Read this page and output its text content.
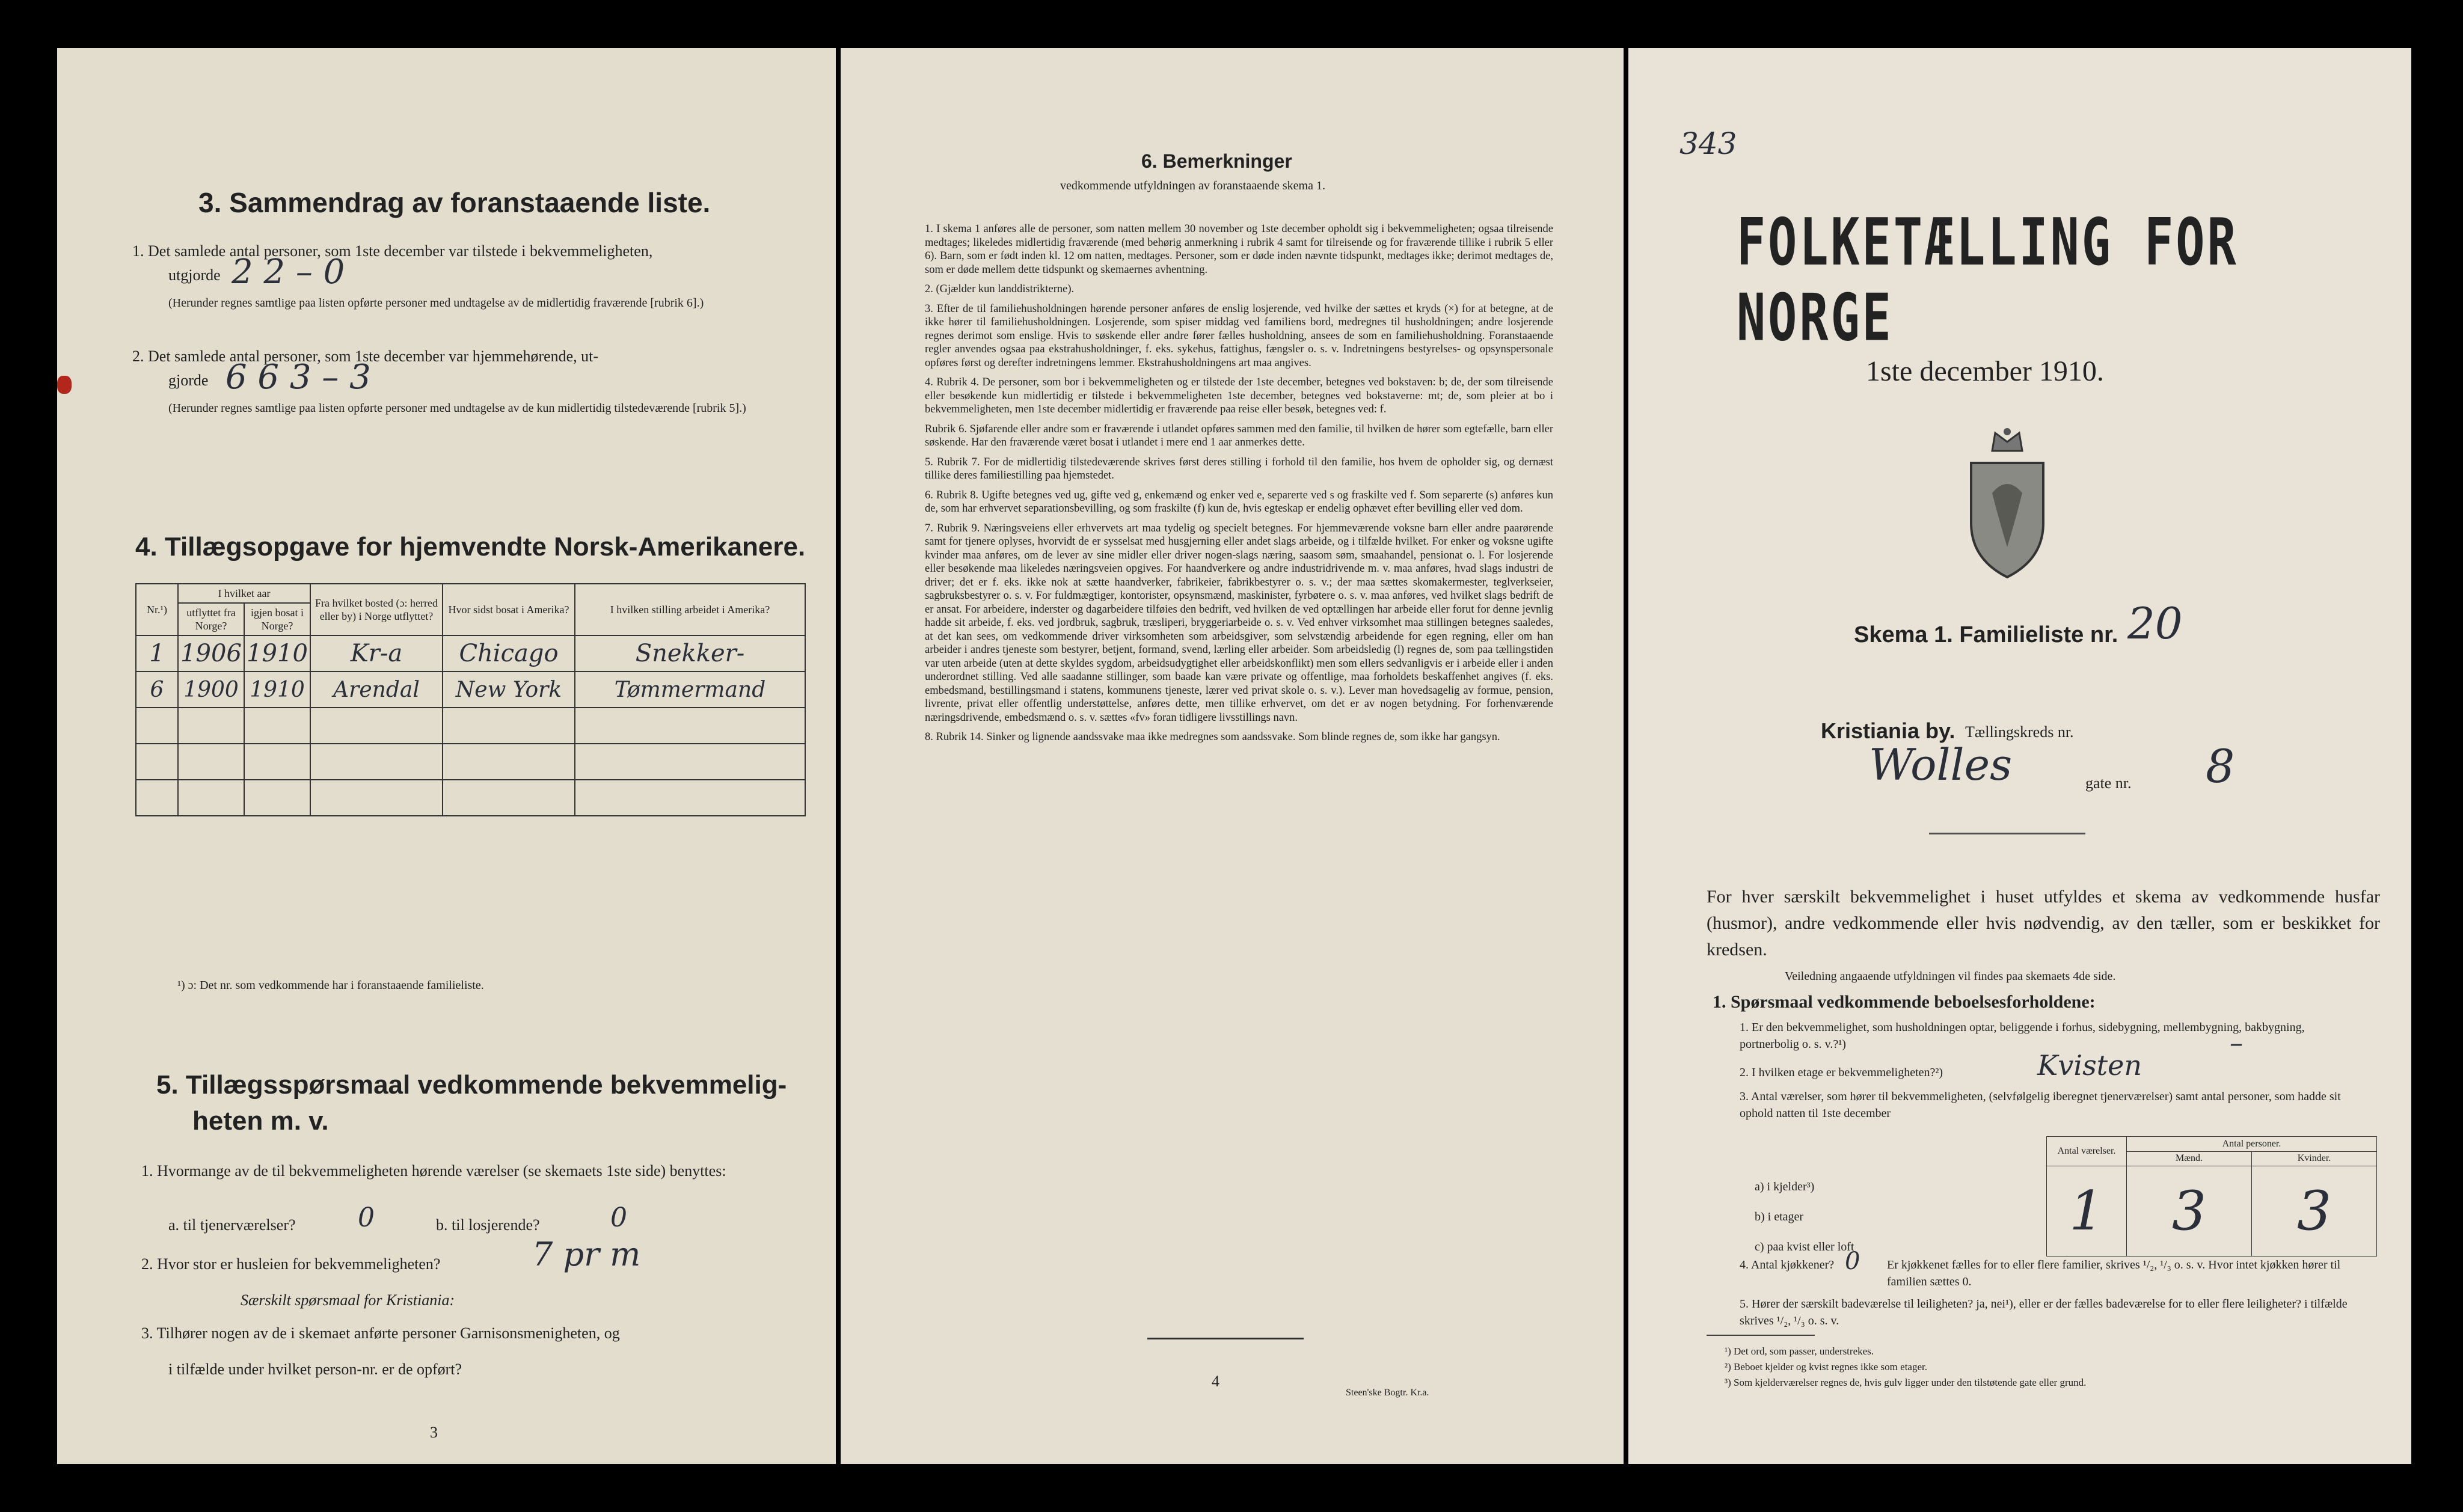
3. Sammendrag av foranstaaende liste.
1. Det samlede antal personer, som 1ste december var tilstede i bekvemmeligheten,
utgjorde 2 2 – 0
(Herunder regnes samtlige paa listen opførte personer med undtagelse av de midlertidig fraværende [rubrik 6].)
2. Det samlede antal personer, som 1ste december var hjemmehørende, ut-
gjorde 6 6 3 – 3
(Herunder regnes samtlige paa listen opførte personer med undtagelse av de kun midlertidig tilstedeværende [rubrik 5].)
4. Tillægsopgave for hjemvendte Norsk-Amerikanere.
Nr.¹)	I hvilket aar		Fra hvilket bosted (ɔ: herred eller by) i Norge utflyttet?	Hvor sidst bosat i Amerika?	I hvilken stilling arbeidet i Amerika?
	utflyttet fra Norge?	igjen bosat i Norge?			
1	1906	1910	Kr-a	Chicago	Snekker-
6	1900	1910	Arendal	New York	Tømmermand

¹) ɔ: Det nr. som vedkommende har i foranstaaende familieliste.
5. Tillægsspørsmaal vedkommende bekvemmelig-
heten m. v.
1. Hvormange av de til bekvemmeligheten hørende værelser (se skemaets 1ste side) benyttes:
a. til tjenerværelser? 0	b. til losjerende?	0
2. Hvor stor er husleien for bekvemmeligheten?	7 pr m
Særskilt spørsmaal for Kristiania:
3. Tilhører nogen av de i skemaet anførte personer Garnisonsmenigheten, og
i tilfælde under hvilket person-nr. er de opført?
3
6. Bemerkninger
vedkommende utfyldningen av foranstaaende skema 1.

1. I skema 1 anføres alle de personer, som natten mellem 30 november og 1ste december opholdt sig i bekvemmeligheten; ogsaa tilreisende medtages; likeledes midlertidig fraværende (med behørig anmerkning i rubrik 4 samt for tilreisende og for fraværende tillike i rubrik 5 eller 6). Barn, som er født inden kl. 12 om natten, medtages. Personer, som er døde inden nævnte tidspunkt, medtages ikke; derimot medtages de, som er døde mellem dette tidspunkt og skemaernes avhentning.

2. (Gjælder kun landdistrikterne).

3. Efter de til familiehusholdningen hørende personer anføres de enslig losjerende, ved hvilke der sættes et kryds (×) for at betegne, at de ikke hører til familiehusholdningen. Losjerende, som spiser middag ved familiens bord, medregnes til husholdningen; andre losjerende regnes derimot som enslige. Hvis to søskende eller andre fører fælles husholdning, ansees de som en familiehusholdning. Foranstaaende regler anvendes ogsaa paa ekstrahusholdninger, f. eks. sykehus, fattighus, fængsler o. s. v. Indretningens bestyrelses- og opsynspersonale opføres først og derefter indretningens lemmer. Ekstrahusholdningens art maa angives.

4. Rubrik 4. De personer, som bor i bekvemmeligheten og er tilstede der 1ste december, betegnes ved bokstaven: b; de, der som tilreisende eller besøkende kun midlertidig er tilstede i bekvemmeligheten 1ste december, betegnes ved bokstaverne: mt; de, som pleier at bo i bekvemmeligheten, men 1ste december midlertidig er fraværende paa reise eller besøk, betegnes ved: f.

Rubrik 6. Sjøfarende eller andre som er fraværende i utlandet opføres sammen med den familie, til hvilken de hører som egtefælle, barn eller søskende. Har den fraværende været bosat i utlandet i mere end 1 aar anmerkes dette.

5. Rubrik 7. For de midlertidig tilstedeværende skrives først deres stilling i forhold til den familie, hos hvem de opholder sig, og dernæst tillike deres familiestilling paa hjemstedet.

6. Rubrik 8. Ugifte betegnes ved ug, gifte ved g, enkemænd og enker ved e, separerte ved s og fraskilte ved f. Som separerte (s) anføres kun de, som har erhvervet separationsbevilling, og som fraskilte (f) kun de, hvis egteskap er endelig ophævet efter bevilling eller ved dom.

7. Rubrik 9. Næringsveiens eller erhvervets art maa tydelig og specielt betegnes. For hjemmeværende voksne barn eller andre paarørende samt for tjenere oplyses, hvorvidt de er sysselsat med husgjerning eller andet slags arbeide, og i tilfælde hvilket. For enker og voksne ugifte kvinder maa anføres, om de lever av sine midler eller driver nogen-slags næring, saasom søm, smaahandel, pensionat o. l. For losjerende eller besøkende maa likeledes næringsveien opgives. For haandverkere og andre industridrivende m. v. maa anføres, hvad slags industri de driver; det er f. eks. ikke nok at sætte haandverker, fabrikeier, fabrikbestyrer o. s. v.; der maa sættes skomakermester, teglverkseier, sagbruksbestyrer o. s. v. For fuldmægtiger, kontorister, opsynsmænd, maskinister, fyrbøtere o. s. v. maa anføres, ved hvilket slags bedrift de er ansat. For arbeidere, inderster og dagarbeidere tilføies den bedrift, ved hvilken de ved optællingen har arbeide eller forut for denne jevnlig hadde sit arbeide, f. eks. ved jordbruk, sagbruk, træsliperi, bryggeriarbeide o. s. v. Ved enhver virksomhet maa stillingen betegnes saaledes, at det kan sees, om vedkommende driver virksomheten som arbeidsgiver, som selvstændig arbeidende for egen regning, eller om han arbeider i andres tjeneste som bestyrer, betjent, formand, svend, lærling eller arbeider. Som arbeidsledig (l) regnes de, som paa tællingstiden var uten arbeide (uten at dette skyldes sygdom, arbeidsudygtighet eller arbeidskonflikt) men som ellers sedvanligvis er i arbeide eller i anden underordnet stilling. Ved alle saadanne stillinger, som baade kan være private og offentlige, maa forholdets beskaffenhet angives (f. eks. embedsmand, bestillingsmand i statens, kommunens tjeneste, lærer ved privat skole o. s. v.). Lever man hovedsagelig av formue, pension, livrente, privat eller offentlig understøttelse, anføres dette, men tillike erhvervet, om det er av nogen betydning. For forhenværende næringsdrivende, embedsmænd o. s. v. sættes «fv» foran tidligere livsstillings navn.

8. Rubrik 14. Sinker og lignende aandssvake maa ikke medregnes som aandssvake. Som blinde regnes de, som ikke har gangsyn.

4
Steen'ske Bogtr. Kr.a.
343
FOLKETÆLLING FOR NORGE
1ste december 1910.
Skema 1. Familieliste nr. 20
Kristiania by. Tællingskreds nr.
Wolles	gate nr. 8
For hver særskilt bekvemmelighet i huset utfyldes et skema av vedkommende husfar (husmor), andre vedkommende eller hvis nødvendig, av den tæller, som er beskikket for kredsen.
Veiledning angaaende utfyldningen vil findes paa skemaets 4de side.
1. Spørsmaal vedkommende beboelsesforholdene:
1. Er den bekvemmelighet, som husholdningen optar, beliggende i forhus, sidebygning, mellembygning, bakbygning, portnerbolig o. s. v.?¹)	–
2. I hvilken etage er bekvemmeligheten?²)	Kvisten
3. Antal værelser, som hører til bekvemmeligheten, (selvfølgelig iberegnet tjenerværelser) samt antal personer, som hadde sit ophold natten til 1ste december
a) i kjelder³)
b) i etager
c) paa kvist eller loft
Antal værelser.	Antal personer.	
	Mænd.	Kvinder.
1	3	3
4. Antal kjøkkener? 0 Er kjøkkenet fælles for to eller flere familier, skrives ¹/₂, ¹/₃ o. s. v. Hvor intet kjøkken hører til familien sættes 0.
5. Hører der særskilt badeværelse til leiligheten? ja, nei¹), eller er der fælles badeværelse for to eller flere leiligheter? i tilfælde skrives ¹/₂, ¹/₃ o. s. v.
¹) Det ord, som passer, understrekes.
²) Beboet kjelder og kvist regnes ikke som etager.
³) Som kjelderværelser regnes de, hvis gulv ligger under den tilstøtende gate eller grund.
